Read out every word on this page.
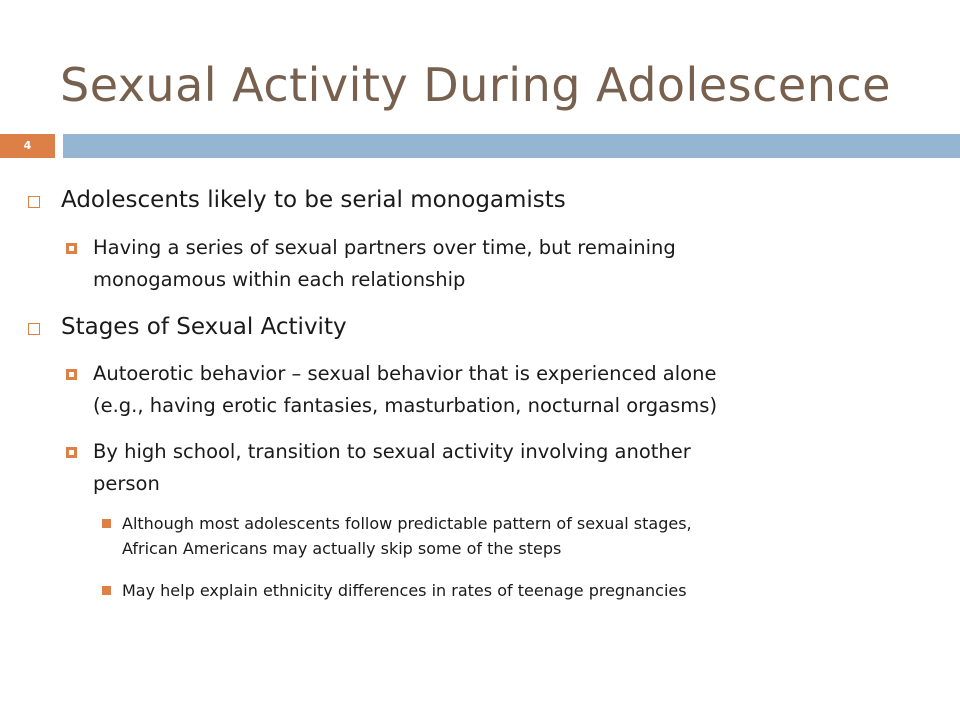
Sexual Activity During Adolescence
4
Adolescents likely to be serial monogamists
Having a series of sexual partners over time, but remaining
monogamous within each relationship
Stages of Sexual Activity
Autoerotic behavior – sexual behavior that is experienced alone
(e.g., having erotic fantasies, masturbation, nocturnal orgasms)
By high school, transition to sexual activity involving another
person
Although most adolescents follow predictable pattern of sexual stages,
African Americans may actually skip some of the steps
May help explain ethnicity differences in rates of teenage pregnancies
